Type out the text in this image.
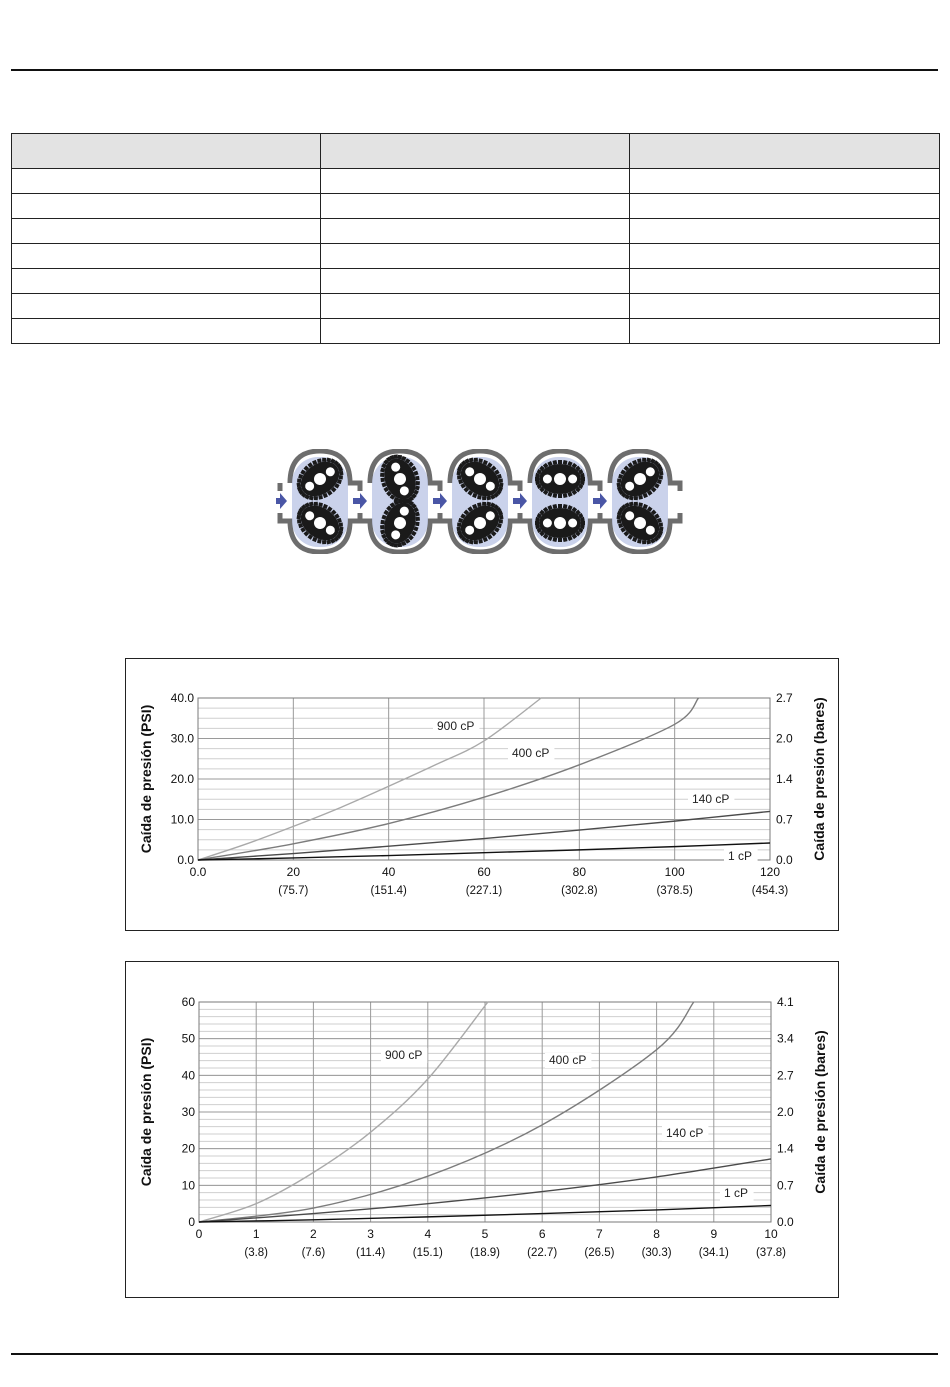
900 cP
400 cP
140 cP
1 cP
0.0
10.0
20.0
30.0
40.0
0.0
0.7
1.4
2.0
2.7
0.0	20	40	60	80	100	120
(75.7)	(151.4)	(227.1)	(302.8)	(378.5)	(454.3)
Caída de presión (PSI)	Caída de presión (bares)
900 cP	400 cP
140 cP
1 cP
0
10
20
30
40
50
60
0.0
0.7
1.4
2.0
2.7
3.4
4.1
0	1	2	3	4	5	6	7	8	9	10
(3.8)	(7.6)	(11.4) (15.1) (18.9) (22.7) (26.5) (30.3) (34.1) (37.8)
Caída de presión (PSI)	Caída de presión (bares)
